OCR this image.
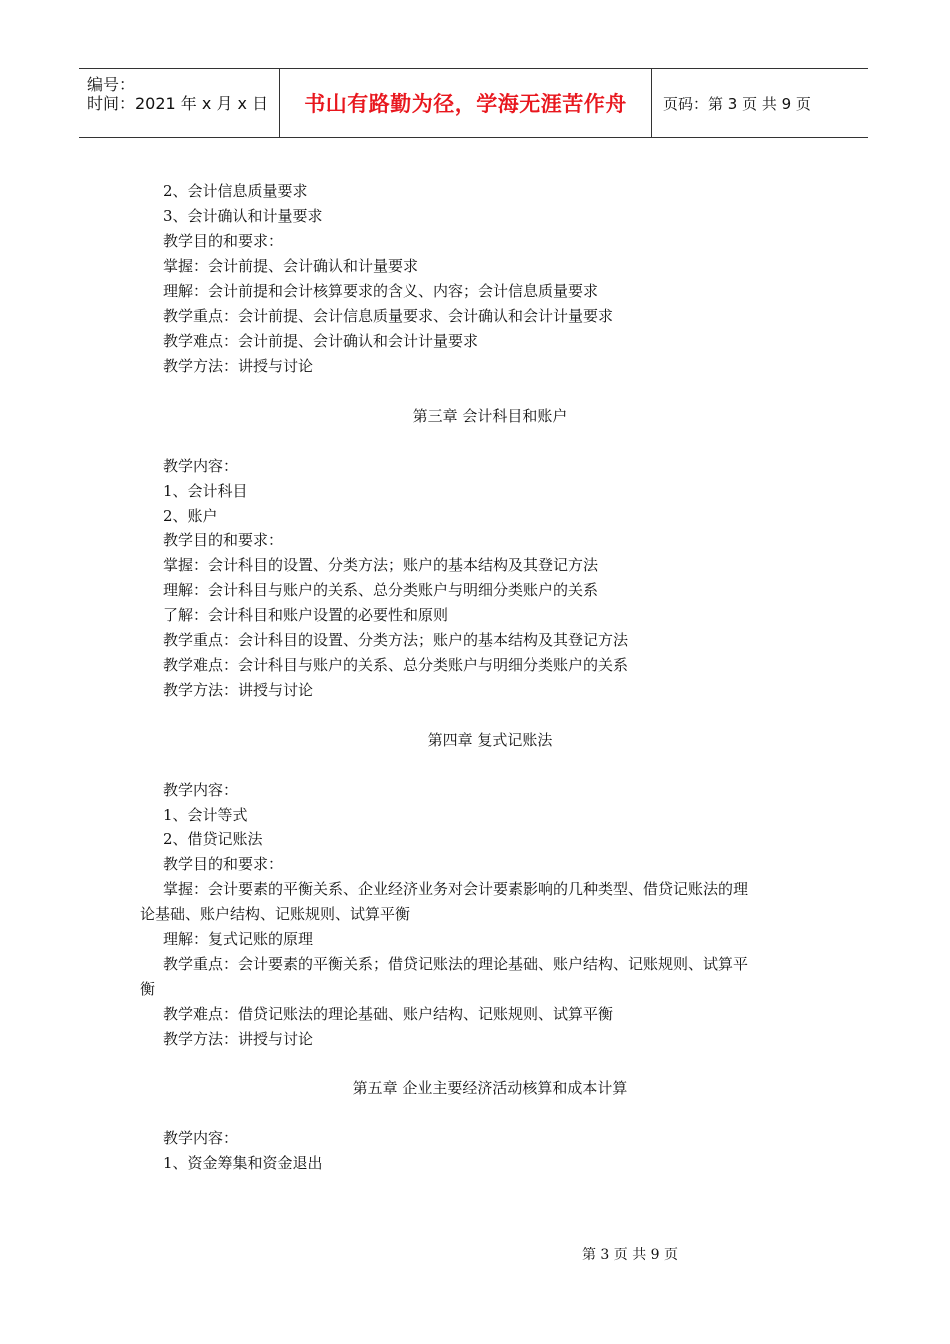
编号：
时间：2021 年 x 月 x 日 书山有路勤为径，学海无涯苦作舟 页码：第 3 页 共 9 页
2、会计信息质量要求
3、会计确认和计量要求
教学目的和要求：
掌握：会计前提、会计确认和计量要求
理解：会计前提和会计核算要求的含义、内容；会计信息质量要求
教学重点：会计前提、会计信息质量要求、会计确认和会计计量要求
教学难点：会计前提、会计确认和会计计量要求
教学方法：讲授与讨论
第三章 会计科目和账户
教学内容：
1、会计科目
2、账户
教学目的和要求：
掌握：会计科目的设置、分类方法；账户的基本结构及其登记方法
理解：会计科目与账户的关系、总分类账户与明细分类账户的关系
了解：会计科目和账户设置的必要性和原则
教学重点：会计科目的设置、分类方法；账户的基本结构及其登记方法
教学难点：会计科目与账户的关系、总分类账户与明细分类账户的关系
教学方法：讲授与讨论
第四章 复式记账法
教学内容：
1、会计等式
2、借贷记账法
教学目的和要求：
掌握：会计要素的平衡关系、企业经济业务对会计要素影响的几种类型、借贷记账法的理
论基础、账户结构、记账规则、试算平衡
理解：复式记账的原理
教学重点：会计要素的平衡关系；借贷记账法的理论基础、账户结构、记账规则、试算平
衡
教学难点：借贷记账法的理论基础、账户结构、记账规则、试算平衡
教学方法：讲授与讨论
第五章 企业主要经济活动核算和成本计算
教学内容：
1、资金筹集和资金退出
第 3 页 共 9 页
